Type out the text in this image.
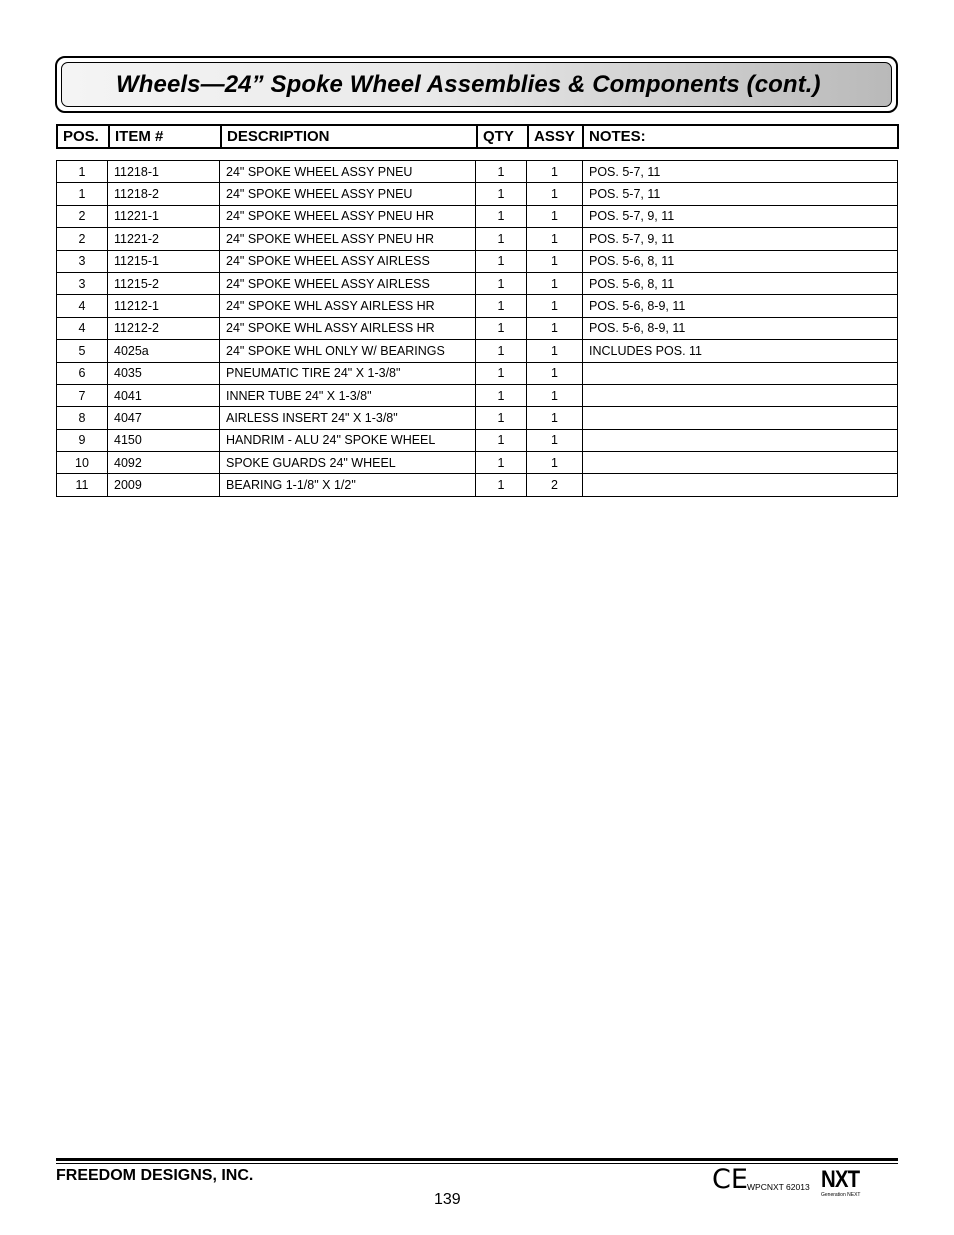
Wheels—24” Spoke Wheel Assemblies & Components (cont.)
POS.	ITEM #	DESCRIPTION	QTY	ASSY	NOTES:
1	11218-1	24" SPOKE WHEEL ASSY PNEU	1	1	POS. 5-7, 11
1	11218-2	24" SPOKE WHEEL ASSY PNEU	1	1	POS. 5-7, 11
2	11221-1	24" SPOKE WHEEL ASSY PNEU HR	1	1	POS. 5-7, 9, 11
2	11221-2	24" SPOKE WHEEL ASSY PNEU HR	1	1	POS. 5-7, 9, 11
3	11215-1	24" SPOKE WHEEL ASSY AIRLESS	1	1	POS. 5-6, 8, 11
3	11215-2	24" SPOKE WHEEL ASSY AIRLESS	1	1	POS. 5-6, 8, 11
4	11212-1	24" SPOKE WHL ASSY AIRLESS HR	1	1	POS. 5-6, 8-9, 11
4	11212-2	24" SPOKE WHL ASSY AIRLESS HR	1	1	POS. 5-6, 8-9, 11
5	4025a	24" SPOKE WHL ONLY W/ BEARINGS	1	1	INCLUDES POS. 11
6	4035	PNEUMATIC TIRE 24" X 1-3/8"	1	1	
7	4041	INNER TUBE 24" X 1-3/8"	1	1	
8	4047	AIRLESS INSERT 24" X 1-3/8"	1	1	
9	4150	HANDRIM - ALU 24" SPOKE WHEEL	1	1	
10	4092	SPOKE GUARDS 24" WHEEL	1	1	
11	2009	BEARING 1-1/8" X 1/2"	1	2	
FREEDOM DESIGNS, INC.
139
CE WPCNXT 62013 NXT
Generation NEXT
